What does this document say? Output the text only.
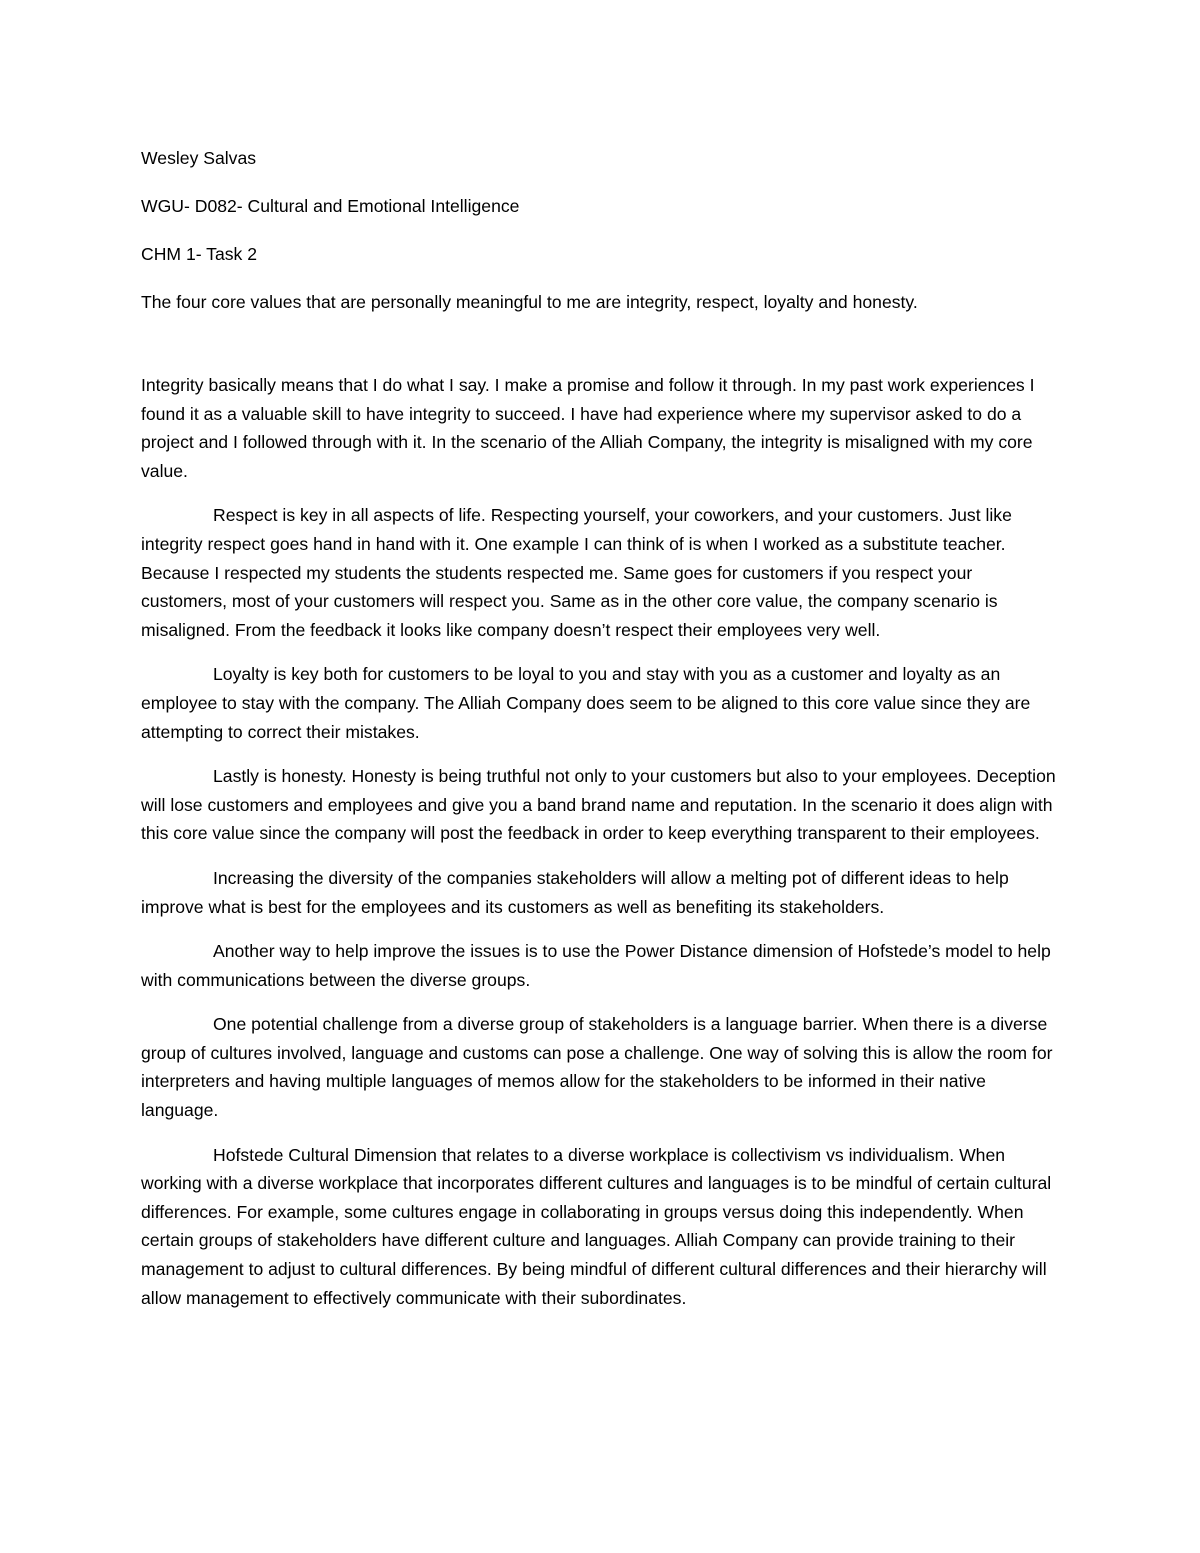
Wesley Salvas

WGU- D082- Cultural and Emotional Intelligence

CHM 1- Task 2

The four core values that are personally meaningful to me are integrity, respect, loyalty and honesty.

Integrity basically means that I do what I say. I make a promise and follow it through. In my past work experiences I found it as a valuable skill to have integrity to succeed. I have had experience where my supervisor asked to do a project and I followed through with it. In the scenario of the Alliah Company, the integrity is misaligned with my core value.

Respect is key in all aspects of life. Respecting yourself, your coworkers, and your customers. Just like integrity respect goes hand in hand with it. One example I can think of is when I worked as a substitute teacher. Because I respected my students the students respected me. Same goes for customers if you respect your customers, most of your customers will respect you. Same as in the other core value, the company scenario is misaligned. From the feedback it looks like company doesn’t respect their employees very well.

Loyalty is key both for customers to be loyal to you and stay with you as a customer and loyalty as an employee to stay with the company. The Alliah Company does seem to be aligned to this core value since they are attempting to correct their mistakes.

Lastly is honesty. Honesty is being truthful not only to your customers but also to your employees. Deception will lose customers and employees and give you a band brand name and reputation. In the scenario it does align with this core value since the company will post the feedback in order to keep everything transparent to their employees.

Increasing the diversity of the companies stakeholders will allow a melting pot of different ideas to help improve what is best for the employees and its customers as well as benefiting its stakeholders.

Another way to help improve the issues is to use the Power Distance dimension of Hofstede’s model to help with communications between the diverse groups.

One potential challenge from a diverse group of stakeholders is a language barrier. When there is a diverse group of cultures involved, language and customs can pose a challenge. One way of solving this is allow the room for interpreters and having multiple languages of memos allow for the stakeholders to be informed in their native language.

Hofstede Cultural Dimension that relates to a diverse workplace is collectivism vs individualism. When working with a diverse workplace that incorporates different cultures and languages is to be mindful of certain cultural differences. For example, some cultures engage in collaborating in groups versus doing this independently. When certain groups of stakeholders have different culture and languages. Alliah Company can provide training to their management to adjust to cultural differences. By being mindful of different cultural differences and their hierarchy will allow management to effectively communicate with their subordinates.
